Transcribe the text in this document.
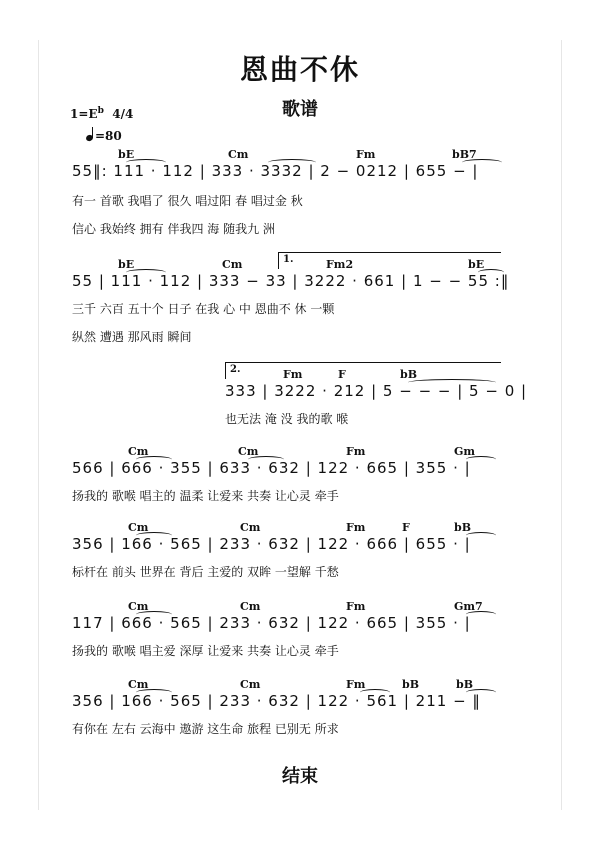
恩曲不休
歌谱
$1=E^b$ 4/4
=80
bE	Cm	Fm	bB7
55‖: 111 · 112 | 333 · 3332 | 2 − 0212 | 655 − |
有一 首歌 我唱了 很久 唱过阳 春 唱过金 秋
信心 我始终 拥有 伴我四 海 随我九 洲
1.
bE	Cm	Fm2	bE
55 | 111 · 112 | 333 − 33 | 3222 · 661 | 1 − − 55 :‖
三千 六百 五十个 日子 在我 心 中 恩曲不 休 一颗
纵然 遭遇 那风雨 瞬间
2.	Fm	F	bB
333 | 3222 · 212 | 5 − − − | 5 − 0 |
也无法 淹 没 我的歌 喉
Cm	Cm	Fm	Gm
566 | 666 · 355 | 633 · 632 | 122 · 665 | 355 · |
扬我的 歌喉 唱主的 温柔 让爱来 共奏 让心灵 牵手
Cm	Cm	Fm	F	bB
356 | 166 · 565 | 233 · 632 | 122 · 666 | 655 · |
标杆在 前头 世界在 背后 主爱的 双眸 一望解 千愁
Cm	Cm	Fm	Gm7
117 | 666 · 565 | 233 · 632 | 122 · 665 | 355 · |
扬我的 歌喉 唱主爱 深厚 让爱来 共奏 让心灵 牵手
Cm	Cm	Fm	bB	bB
356 | 166 · 565 | 233 · 632 | 122 · 561 | 211 − ‖
有你在 左右 云海中 遨游 这生命 旅程 已别无 所求
结束
